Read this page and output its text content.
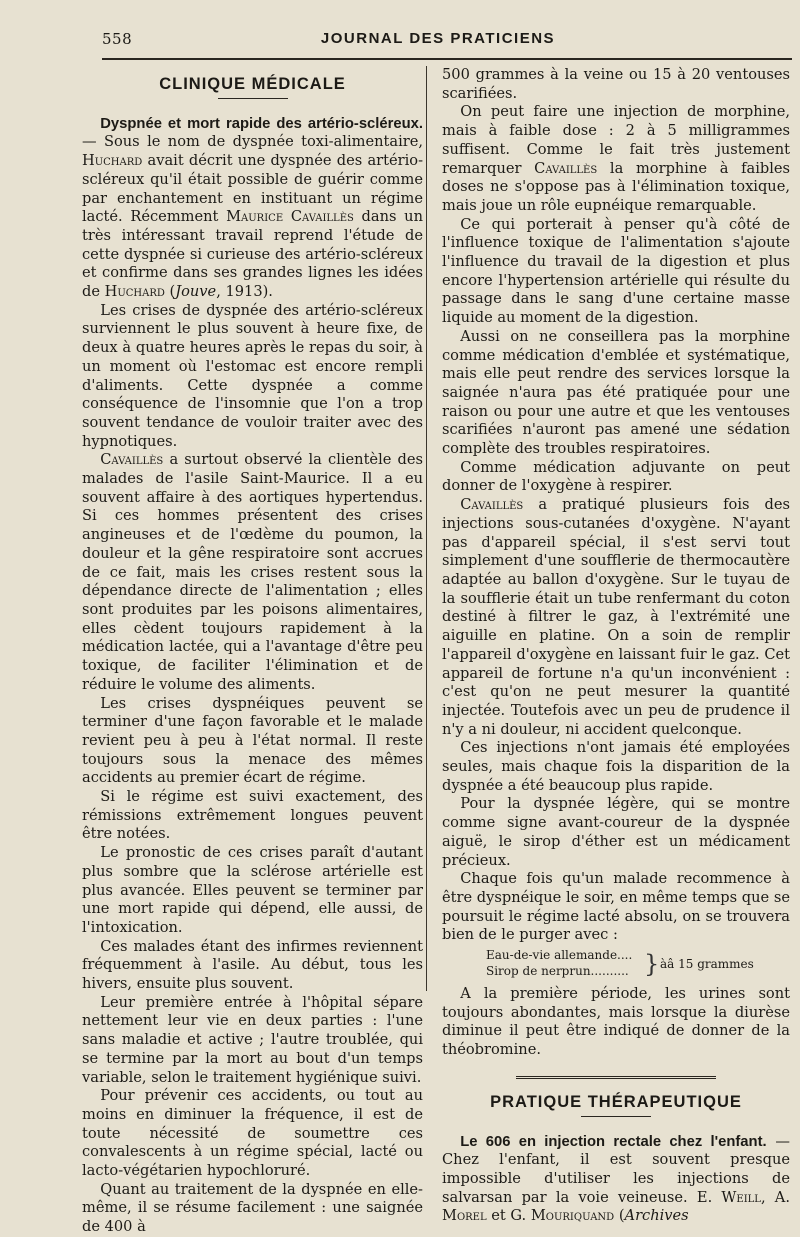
558	JOURNAL DES PRATICIENS
CLINIQUE MÉDICALE

Dyspnée et mort rapide des artério-scléreux. — Sous le nom de dyspnée toxi-alimentaire, Huchard avait décrit une dyspnée des artério-scléreux qu'il était possible de guérir comme par enchantement en instituant un régime lacté. Récemment Maurice Cavaillès dans un très intéressant travail reprend l'étude de cette dyspnée si curieuse des artério-scléreux et confirme dans ses grandes lignes les idées de Huchard (Jouve, 1913).

Les crises de dyspnée des artério-scléreux surviennent le plus souvent à heure fixe, de deux à quatre heures après le repas du soir, à un moment où l'estomac est encore rempli d'aliments. Cette dyspnée a comme conséquence de l'insomnie que l'on a trop souvent tendance de vouloir traiter avec des hypnotiques.

Cavaillès a surtout observé la clientèle des malades de l'asile Saint-Maurice. Il a eu souvent affaire à des aortiques hypertendus. Si ces hommes présentent des crises angineuses et de l'œdème du poumon, la douleur et la gêne respiratoire sont accrues de ce fait, mais les crises restent sous la dépendance directe de l'alimentation ; elles sont produites par les poisons alimentaires, elles cèdent toujours rapidement à la médication lactée, qui a l'avantage d'être peu toxique, de faciliter l'élimination et de réduire le volume des aliments.

Les crises dyspnéiques peuvent se terminer d'une façon favorable et le malade revient peu à peu à l'état normal. Il reste toujours sous la menace des mêmes accidents au premier écart de régime.

Si le régime est suivi exactement, des rémissions extrêmement longues peuvent être notées.

Le pronostic de ces crises paraît d'autant plus sombre que la sclérose artérielle est plus avancée. Elles peuvent se terminer par une mort rapide qui dépend, elle aussi, de l'intoxication.

Ces malades étant des infirmes reviennent fréquemment à l'asile. Au début, tous les hivers, ensuite plus souvent.

Leur première entrée à l'hôpital sépare nettement leur vie en deux parties : l'une sans maladie et active ; l'autre troublée, qui se termine par la mort au bout d'un temps variable, selon le traitement hygiénique suivi.

Pour prévenir ces accidents, ou tout au moins en diminuer la fréquence, il est de toute nécessité de soumettre ces convalescents à un régime spécial, lacté ou lacto-végétarien hypochloruré.

Quant au traitement de la dyspnée en elle-même, il se résume facilement : une saignée de 400 à

500 grammes à la veine ou 15 à 20 ventouses scarifiées.

On peut faire une injection de morphine, mais à faible dose : 2 à 5 milligrammes suffisent. Comme le fait très justement remarquer Cavaillès la morphine à faibles doses ne s'oppose pas à l'élimination toxique, mais joue un rôle eupnéique remarquable.

Ce qui porterait à penser qu'à côté de l'influence toxique de l'alimentation s'ajoute l'influence du travail de la digestion et plus encore l'hypertension artérielle qui résulte du passage dans le sang d'une certaine masse liquide au moment de la digestion.

Aussi on ne conseillera pas la morphine comme médication d'emblée et systématique, mais elle peut rendre des services lorsque la saignée n'aura pas été pratiquée pour une raison ou pour une autre et que les ventouses scarifiées n'auront pas amené une sédation complète des troubles respiratoires.

Comme médication adjuvante on peut donner de l'oxygène à respirer.

Cavaillès a pratiqué plusieurs fois des injections sous-cutanées d'oxygène. N'ayant pas d'appareil spécial, il s'est servi tout simplement d'une soufflerie de thermocautère adaptée au ballon d'oxygène. Sur le tuyau de la soufflerie était un tube renfermant du coton destiné à filtrer le gaz, à l'extrémité une aiguille en platine. On a soin de remplir l'appareil d'oxygène en laissant fuir le gaz. Cet appareil de fortune n'a qu'un inconvénient : c'est qu'on ne peut mesurer la quantité injectée. Toutefois avec un peu de prudence il n'y a ni douleur, ni accident quelconque.

Ces injections n'ont jamais été employées seules, mais chaque fois la disparition de la dyspnée a été beaucoup plus rapide.

Pour la dyspnée légère, qui se montre comme signe avant-coureur de la dyspnée aiguë, le sirop d'éther est un médicament précieux.

Chaque fois qu'un malade recommence à être dyspnéique le soir, en même temps que se poursuit le régime lacté absolu, on se trouvera bien de le purger avec :

Eau-de-vie allemande....
Sirop de nerprun.......... } àâ 15 grammes

A la première période, les urines sont toujours abondantes, mais lorsque la diurèse diminue il peut être indiqué de donner de la théobromine.

PRATIQUE THÉRAPEUTIQUE

Le 606 en injection rectale chez l'enfant. — Chez l'enfant, il est souvent presque impossible d'utiliser les injections de salvarsan par la voie veineuse. E. Weill, A. Morel et G. Mouriquand (Archives
